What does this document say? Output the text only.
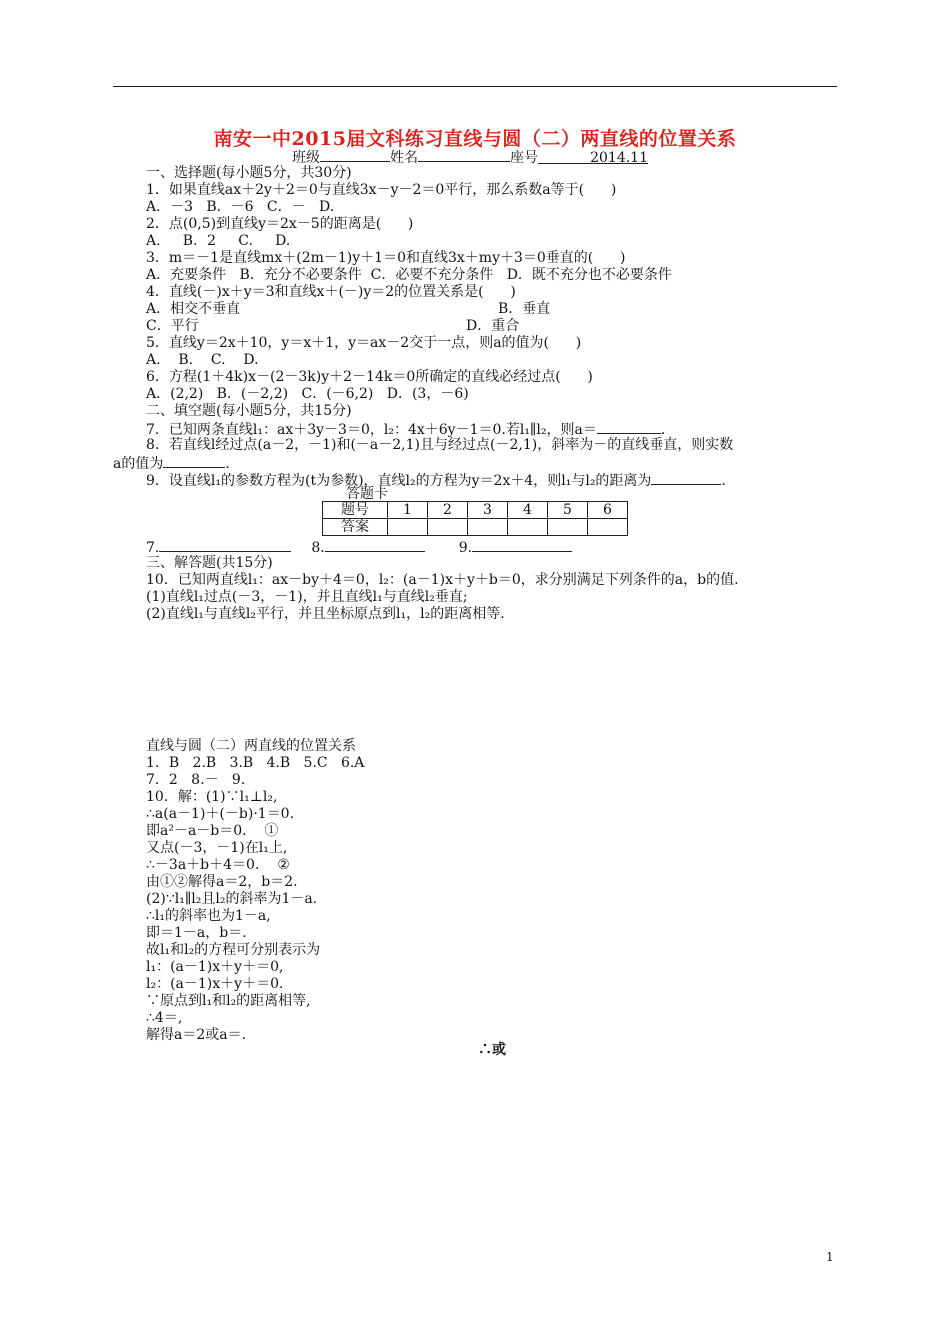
南安一中2015届文科练习直线与圆（二）两直线的位置关系
班级	姓名	座号	2014.11
一、选择题(每小题5分，共30分)
1．如果直线ax＋2y＋2＝0与直线3x－y－2＝0平行，那么系数a等于(      )
A．－3   B．－6   C．－   D.
2．点(0,5)到直线y＝2x－5的距离是(      )
A.     B．2     C.     D.
3．m＝－1是直线mx＋(2m－1)y＋1＝0和直线3x＋my＋3＝0垂直的(      )
A．充要条件   B．充分不必要条件  C．必要不充分条件   D．既不充分也不必要条件
4．直线(－)x＋y＝3和直线x＋(－)y＝2的位置关系是(      )
A．相交不垂直	B．垂直
C．平行	D．重合
5．直线y＝2x＋10，y＝x＋1，y＝ax－2交于一点，则a的值为(      )
A.    B.    C.    D.
6．方程(1＋4k)x－(2－3k)y＋2－14k＝0所确定的直线必经过点(      )
A．(2,2)   B．(－2,2)   C．(－6,2)   D．(3，－6)
二、填空题(每小题5分，共15分)
7．已知两条直线l₁：ax＋3y－3＝0，l₂：4x＋6y－1＝0.若l₁∥l₂，则a＝	.
8．若直线l经过点(a－2，－1)和(－a－2,1)且与经过点(－2,1)，斜率为－的直线垂直，则实数
a的值为	.
9．设直线l₁的参数方程为(t为参数)，直线l₂的方程为y＝2x＋4，则l₁与l₂的距离为	.
答题卡
题号	1	2	3	4	5	6
答案						
7.	8.	9.
三、解答题(共15分)
10．已知两直线l₁：ax－by＋4＝0，l₂：(a－1)x＋y＋b＝0，求分别满足下列条件的a，b的值.
(1)直线l₁过点(－3，－1)，并且直线l₁与直线l₂垂直;
(2)直线l₁与直线l₂平行，并且坐标原点到l₁，l₂的距离相等.
直线与圆（二）两直线的位置关系
1．B   2.B   3.B   4.B   5.C   6.A
7．2   8.－   9.
10．解：(1)∵l₁⊥l₂,
∴a(a－1)＋(－b)·1＝0.
即a²－a－b＝0.    ①
又点(－3，－1)在l₁上,
∴－3a＋b＋4＝0.    ②
由①②解得a＝2，b＝2.
(2)∵l₁∥l₂且l₂的斜率为1－a.
∴l₁的斜率也为1－a,
即＝1－a，b＝.
故l₁和l₂的方程可分别表示为
l₁：(a－1)x＋y＋＝0,
l₂：(a－1)x＋y＋＝0.
∵原点到l₁和l₂的距离相等,
∴4＝,
解得a＝2或a＝.
∴或
1
